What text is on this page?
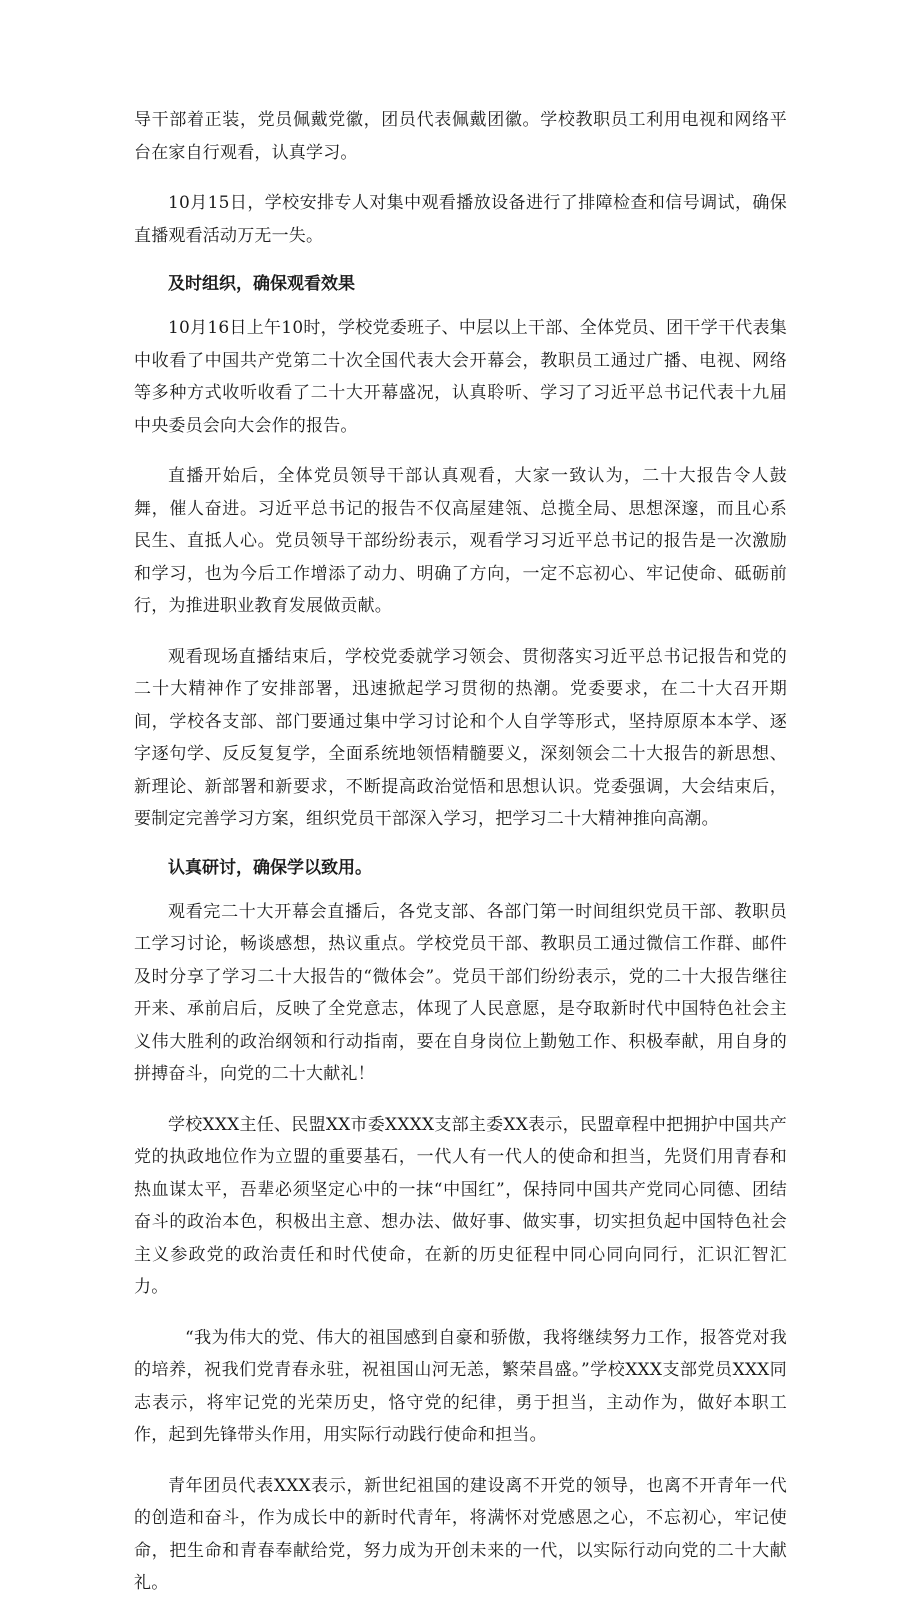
导干部着正装，党员佩戴党徽，团员代表佩戴团徽。学校教职员工利用电视和网络平台在家自行观看，认真学习。

10月15日，学校安排专人对集中观看播放设备进行了排障检查和信号调试，确保直播观看活动万无一失。

及时组织，确保观看效果

10月16日上午10时，学校党委班子、中层以上干部、全体党员、团干学干代表集中收看了中国共产党第二十次全国代表大会开幕会，教职员工通过广播、电视、网络等多种方式收听收看了二十大开幕盛况，认真聆听、学习了习近平总书记代表十九届中央委员会向大会作的报告。

直播开始后，全体党员领导干部认真观看，大家一致认为，二十大报告令人鼓舞，催人奋进。习近平总书记的报告不仅高屋建瓴、总揽全局、思想深邃，而且心系民生、直抵人心。党员领导干部纷纷表示，观看学习习近平总书记的报告是一次激励和学习，也为今后工作增添了动力、明确了方向，一定不忘初心、牢记使命、砥砺前行，为推进职业教育发展做贡献。

观看现场直播结束后，学校党委就学习领会、贯彻落实习近平总书记报告和党的二十大精神作了安排部署，迅速掀起学习贯彻的热潮。党委要求，在二十大召开期间，学校各支部、部门要通过集中学习讨论和个人自学等形式，坚持原原本本学、逐字逐句学、反反复复学，全面系统地领悟精髓要义，深刻领会二十大报告的新思想、新理论、新部署和新要求，不断提高政治觉悟和思想认识。党委强调，大会结束后，要制定完善学习方案，组织党员干部深入学习，把学习二十大精神推向高潮。

认真研讨，确保学以致用。

观看完二十大开幕会直播后，各党支部、各部门第一时间组织党员干部、教职员工学习讨论，畅谈感想，热议重点。学校党员干部、教职员工通过微信工作群、邮件及时分享了学习二十大报告的“微体会”。党员干部们纷纷表示，党的二十大报告继往开来、承前启后，反映了全党意志，体现了人民意愿，是夺取新时代中国特色社会主义伟大胜利的政治纲领和行动指南，要在自身岗位上勤勉工作、积极奉献，用自身的拼搏奋斗，向党的二十大献礼！

学校XXX主任、民盟XX市委XXXX支部主委XX表示，民盟章程中把拥护中国共产党的执政地位作为立盟的重要基石，一代人有一代人的使命和担当，先贤们用青春和热血谋太平，吾辈必须坚定心中的一抹“中国红”，保持同中国共产党同心同德、团结奋斗的政治本色，积极出主意、想办法、做好事、做实事，切实担负起中国特色社会主义参政党的政治责任和时代使命，在新的历史征程中同心同向同行，汇识汇智汇力。

“我为伟大的党、伟大的祖国感到自豪和骄傲，我将继续努力工作，报答党对我的培养，祝我们党青春永驻，祝祖国山河无恙，繁荣昌盛。”学校XXX支部党员XXX同志表示，将牢记党的光荣历史，恪守党的纪律，勇于担当，主动作为，做好本职工作，起到先锋带头作用，用实际行动践行使命和担当。

青年团员代表XXX表示，新世纪祖国的建设离不开党的领导，也离不开青年一代的创造和奋斗，作为成长中的新时代青年，将满怀对党感恩之心，不忘初心，牢记使命，把生命和青春奉献给党，努力成为开创未来的一代，以实际行动向党的二十大献礼。
